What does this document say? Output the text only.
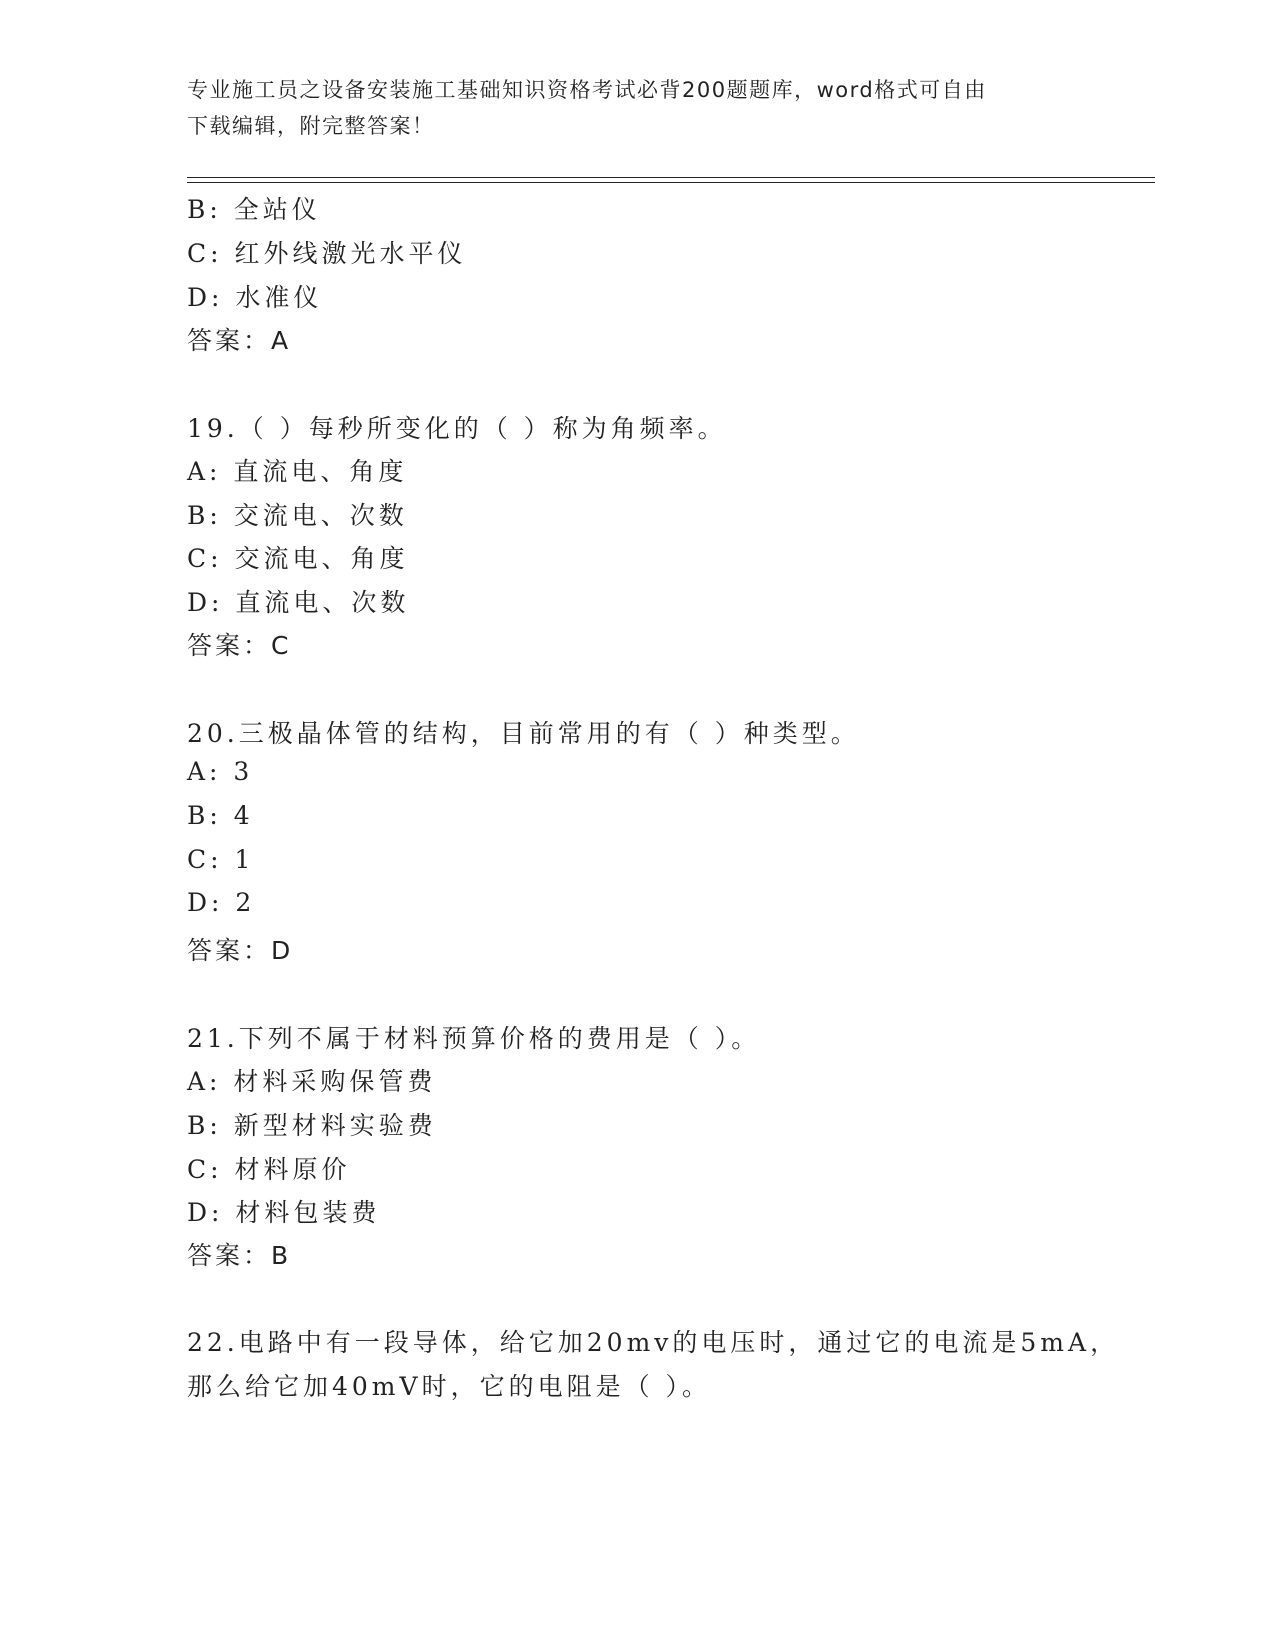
专业施工员之设备安装施工基础知识资格考试必背200题题库，word格式可自由
下载编辑，附完整答案！
B: 全站仪
C: 红外线激光水平仪
D: 水准仪
答案：A
19.（ ）每秒所变化的（ ）称为角频率。
A: 直流电、角度
B: 交流电、次数
C: 交流电、角度
D: 直流电、次数
答案：C
20.三极晶体管的结构，目前常用的有（ ）种类型。
A: 3
B: 4
C: 1
D: 2
答案：D
21.下列不属于材料预算价格的费用是（ ）。
A: 材料采购保管费
B: 新型材料实验费
C: 材料原价
D: 材料包装费
答案：B
22.电路中有一段导体，给它加20mv的电压时，通过它的电流是5mA，
那么给它加40mV时，它的电阻是（ ）。
